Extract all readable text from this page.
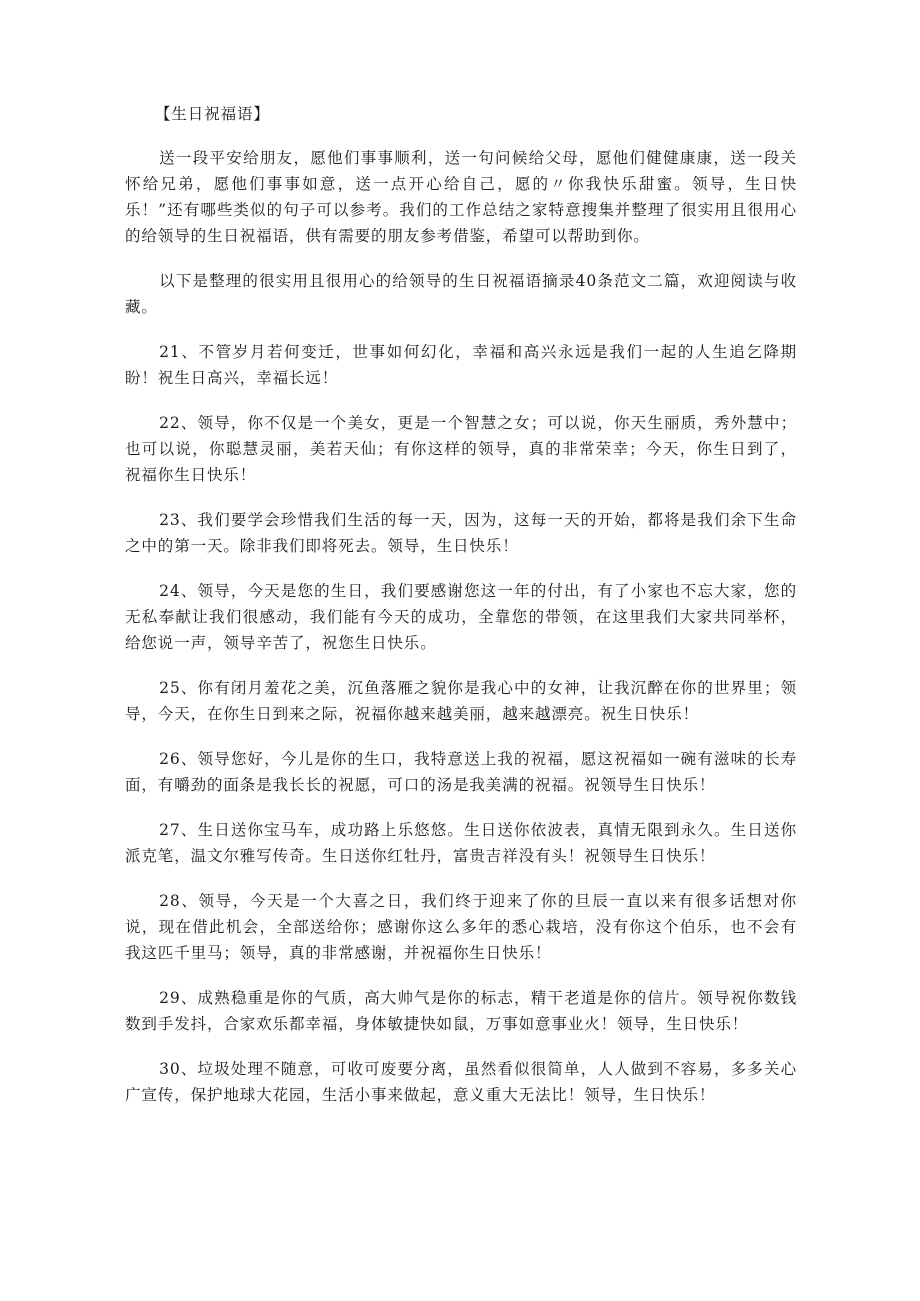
【生日祝福语】

送一段平安给朋友，愿他们事事顺利，送一句问候给父母，愿他们健健康康，送一段关怀给兄弟，愿他们事事如意，送一点开心给自己，愿的〃你我快乐甜蜜。领导，生日快乐！”还有哪些类似的句子可以参考。我们的工作总结之家特意搜集并整理了很实用且很用心的给领导的生日祝福语，供有需要的朋友参考借鉴，希望可以帮助到你。

以下是整理的很实用且很用心的给领导的生日祝福语摘录40条范文二篇，欢迎阅读与收藏。

21、不管岁月若何变迁，世事如何幻化，幸福和高兴永远是我们一起的人生追乞降期盼！祝生日高兴，幸福长远！

22、领导，你不仅是一个美女，更是一个智慧之女；可以说，你天生丽质，秀外慧中；也可以说，你聪慧灵丽，美若天仙；有你这样的领导，真的非常荣幸；今天，你生日到了，祝福你生日快乐！

23、我们要学会珍惜我们生活的每一天，因为，这每一天的开始，都将是我们余下生命之中的第一天。除非我们即将死去。领导，生日快乐！

24、领导，今天是您的生日，我们要感谢您这一年的付出，有了小家也不忘大家，您的无私奉献让我们很感动，我们能有今天的成功，全靠您的带领，在这里我们大家共同举杯，给您说一声，领导辛苦了，祝您生日快乐。

25、你有闭月羞花之美，沉鱼落雁之貌你是我心中的女神，让我沉醉在你的世界里；领导，今天，在你生日到来之际，祝福你越来越美丽，越来越漂亮。祝生日快乐！

26、领导您好，今儿是你的生口，我特意送上我的祝福，愿这祝福如一碗有滋味的长寿面，有嚼劲的面条是我长长的祝愿，可口的汤是我美满的祝福。祝领导生日快乐！

27、生日送你宝马车，成功路上乐悠悠。生日送你依波表，真情无限到永久。生日送你派克笔，温文尔雅写传奇。生日送你红牡丹，富贵吉祥没有头！祝领导生日快乐！

28、领导，今天是一个大喜之日，我们终于迎来了你的旦辰一直以来有很多话想对你说，现在借此机会，全部送给你；感谢你这么多年的悉心栽培，没有你这个伯乐，也不会有我这匹千里马；领导，真的非常感谢，并祝福你生日快乐！

29、成熟稳重是你的气质，高大帅气是你的标志，精干老道是你的信片。领导祝你数钱数到手发抖，合家欢乐都幸福，身体敏捷快如鼠，万事如意事业火！领导，生日快乐！

30、垃圾处理不随意，可收可废要分离，虽然看似很简单，人人做到不容易，多多关心广宣传，保护地球大花园，生活小事来做起，意义重大无法比！领导，生日快乐！
